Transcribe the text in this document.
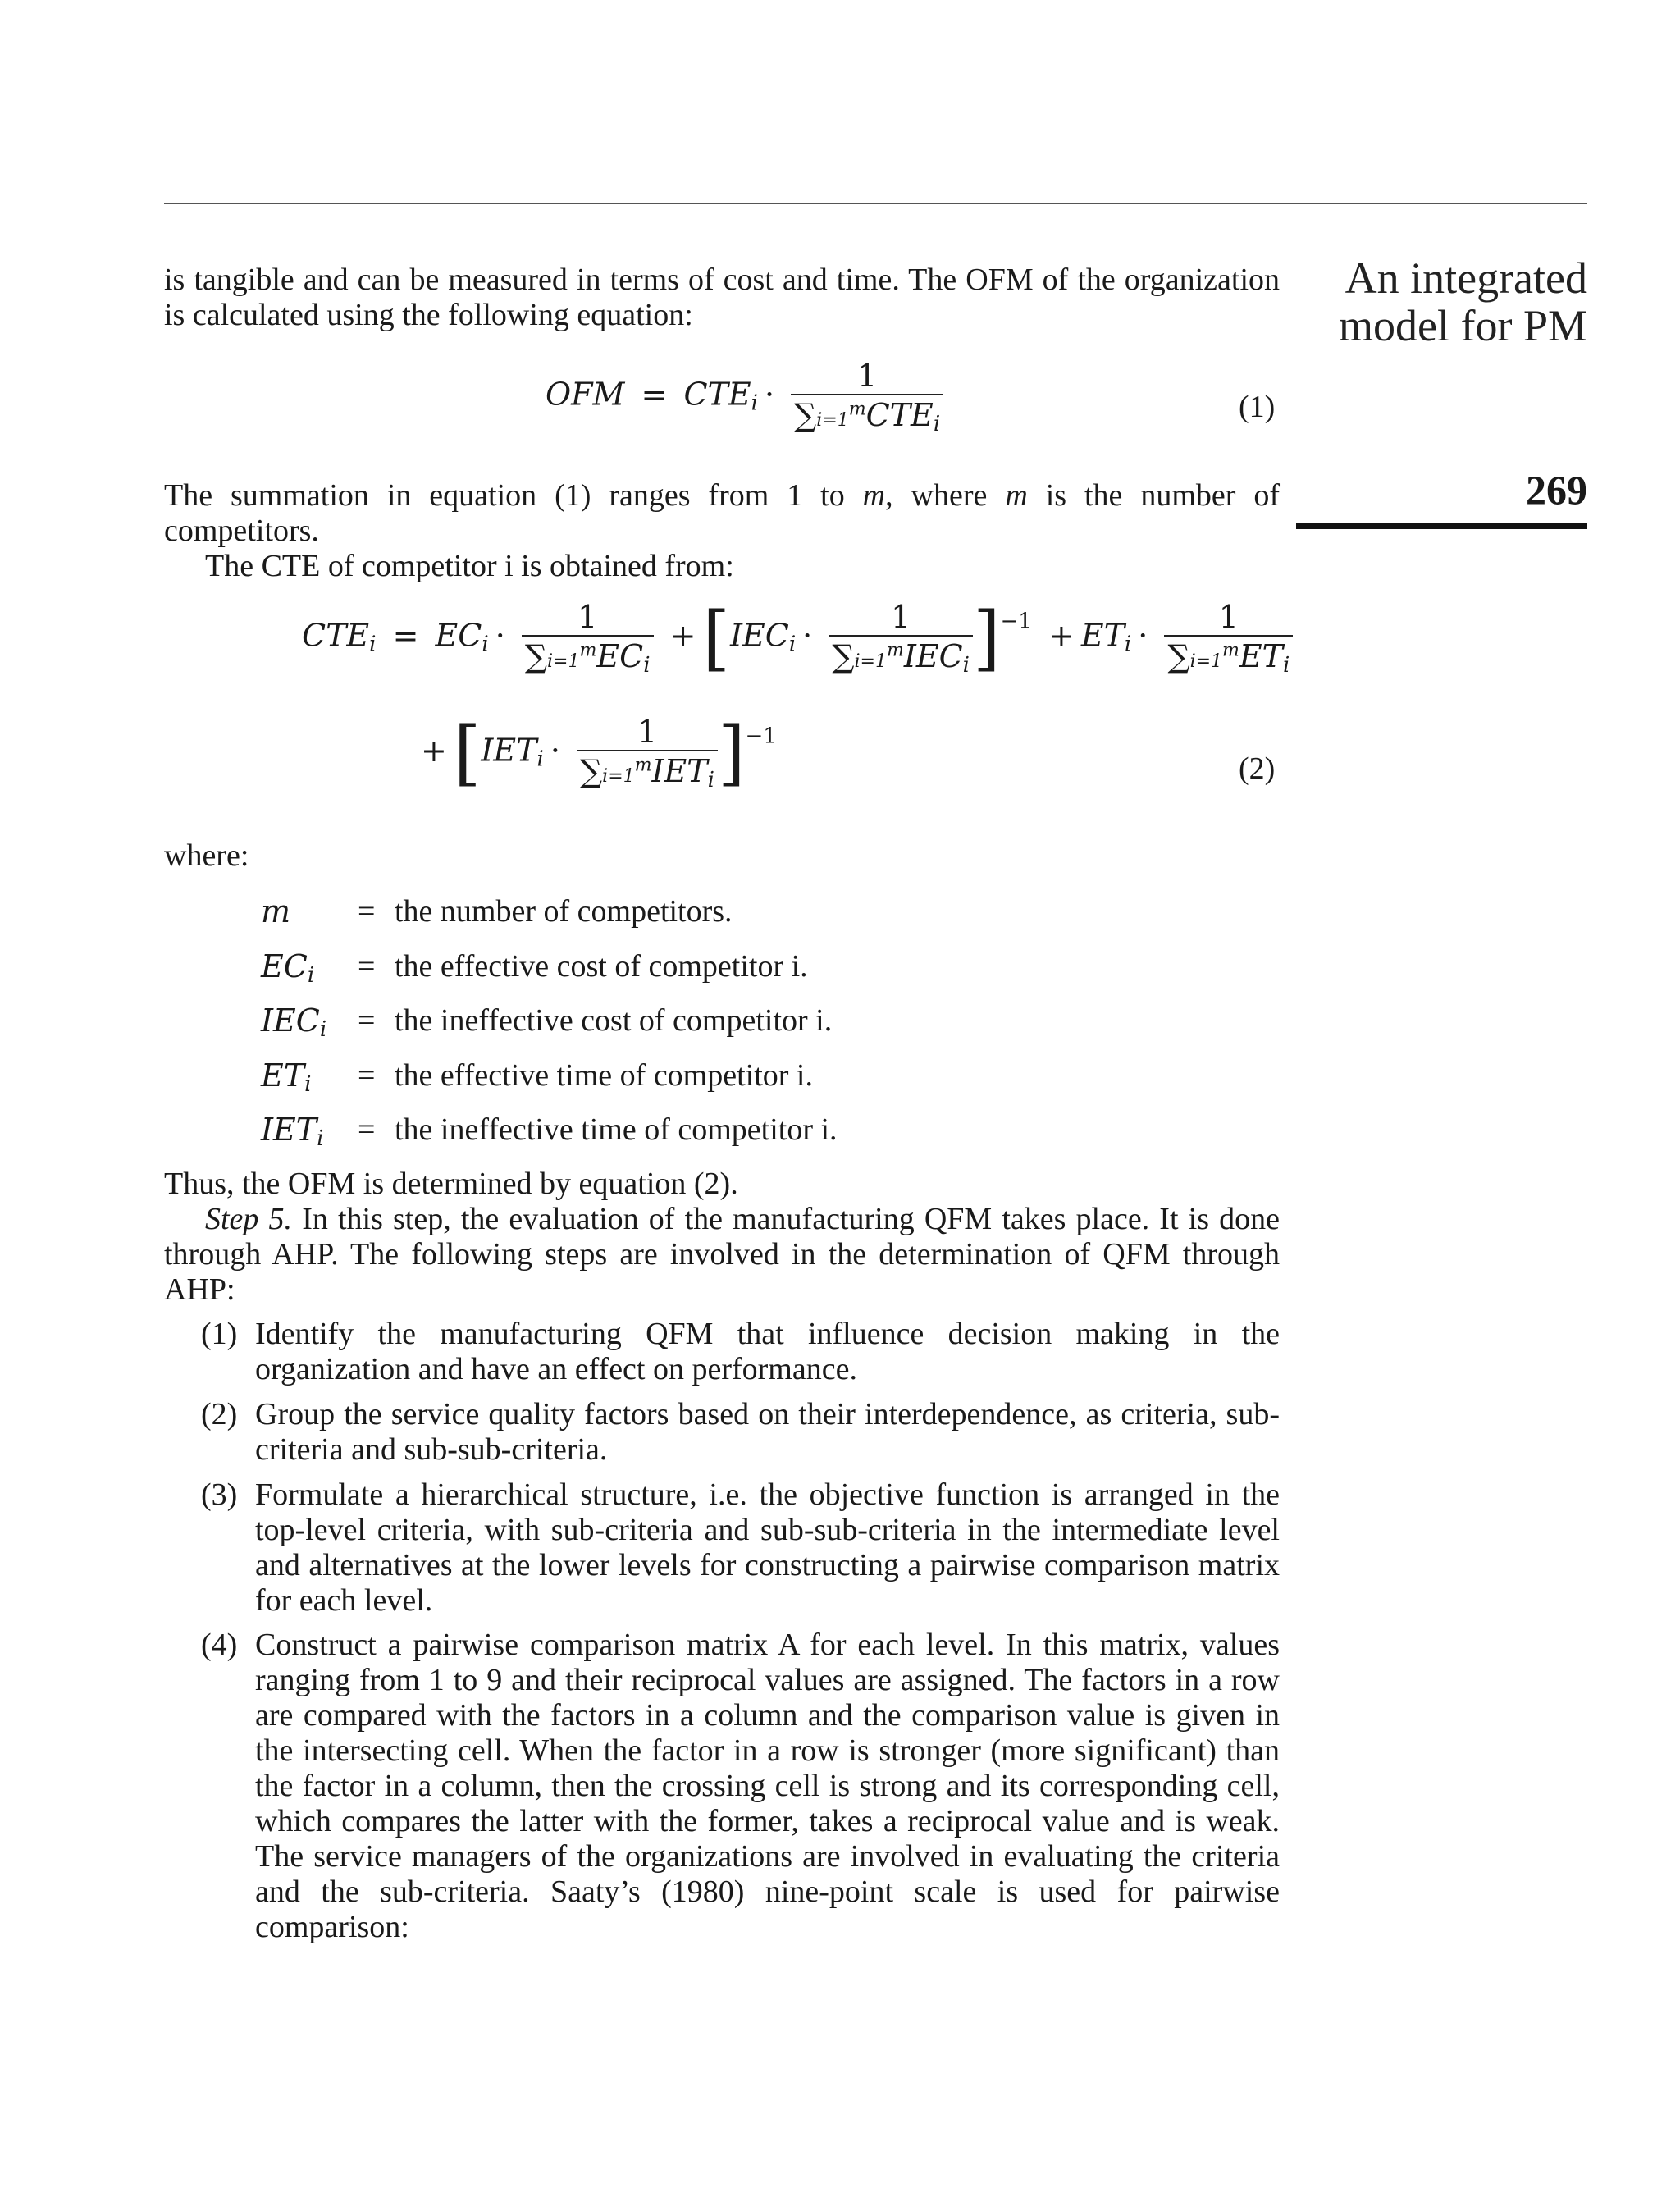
An integrated
model for PM
269
is tangible and can be measured in terms of cost and time. The OFM of the organization is calculated using the following equation:
OFM = $CTE_i \cdot \frac{1}{\sum i=1^mCTE_i}$	(1)
The summation in equation (1) ranges from 1 to m, where m is the number of competitors.
The CTE of competitor i is obtained from:
$CTE_i = EC_i \cdot \frac{1}{\sum i=1^mEC_i} +[IEC_i \cdot \frac{1}{\sum i=1^mIEC_i} ]^{-1} + ET_i \cdot \frac{1}{\sum i=1^mET_i}$
$+[IET_i \cdot \frac{1}{\sum i=1^mIET_i} ]^{-1}$
(2)
where:
m	= the number of competitors.
$EC_i$	= the effective cost of competitor i.
$IEC_i$ = the ineffective cost of competitor i.
$ET_i$	= the effective time of competitor i.
$IET_i$	= the ineffective time of competitor i.
Thus, the OFM is determined by equation (2).
Step 5. In this step, the evaluation of the manufacturing QFM takes place. It is done through AHP. The following steps are involved in the determination of QFM through AHP:
(1) Identify the manufacturing QFM that influence decision making in the organization and have an effect on performance.
(2) Group the service quality factors based on their interdependence, as criteria, sub-criteria and sub-sub-criteria.
(3) Formulate a hierarchical structure, i.e. the objective function is arranged in the top-level criteria, with sub-criteria and sub-sub-criteria in the intermediate level and alternatives at the lower levels for constructing a pairwise comparison matrix for each level.
(4) Construct a pairwise comparison matrix A for each level. In this matrix, values ranging from 1 to 9 and their reciprocal values are assigned. The factors in a row are compared with the factors in a column and the comparison value is given in the intersecting cell. When the factor in a row is stronger (more significant) than the factor in a column, then the crossing cell is strong and its corresponding cell, which compares the latter with the former, takes a reciprocal value and is weak. The service managers of the organizations are involved in evaluating the criteria and the sub-criteria. Saaty’s (1980) nine-point scale is used for pairwise comparison:
